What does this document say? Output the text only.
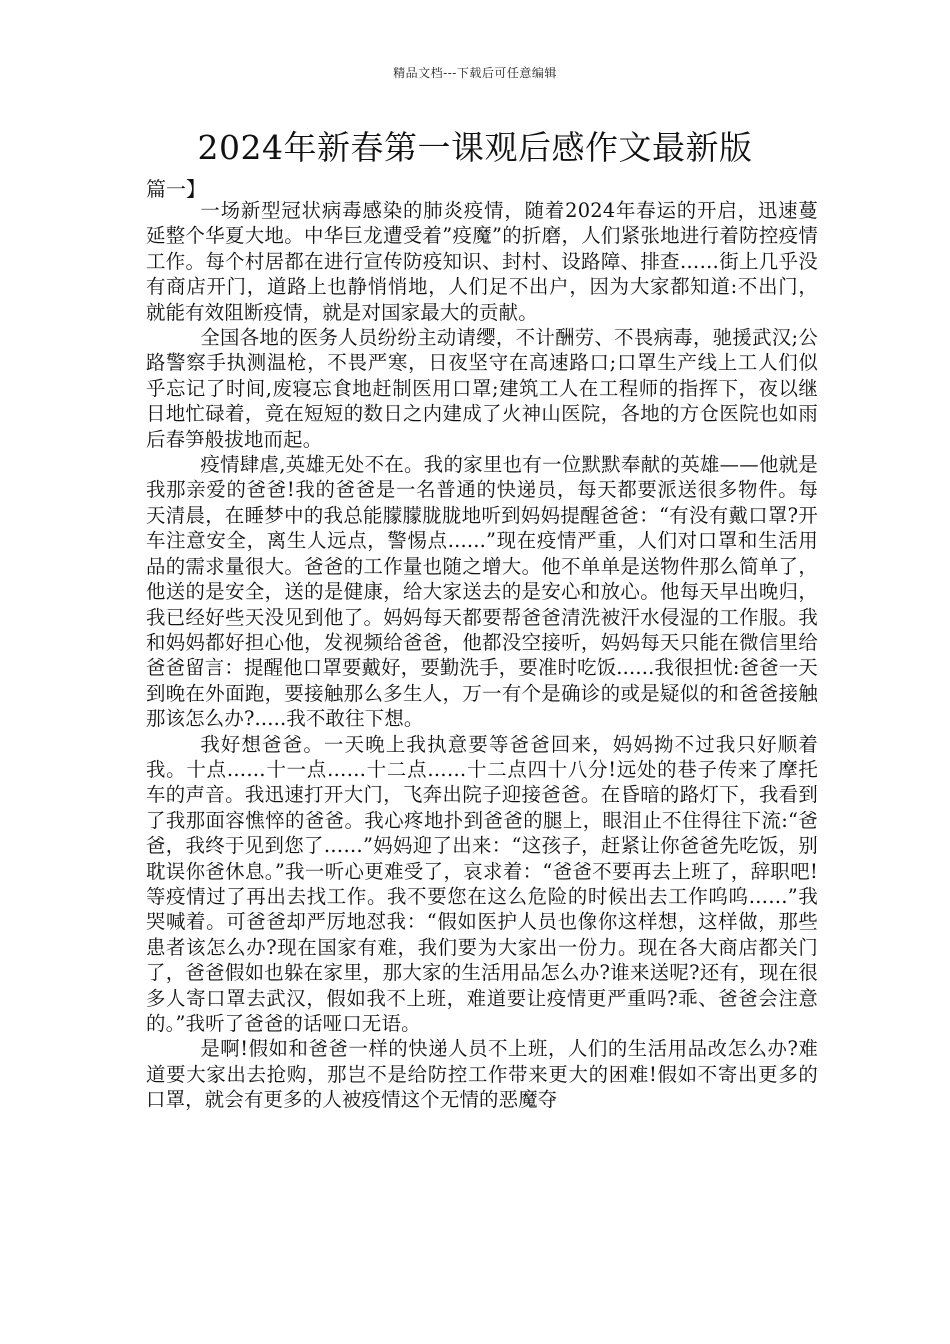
精品文档---下载后可任意编辑
2024年新春第一课观后感作文最新版
篇一】

一场新型冠状病毒感染的肺炎疫情，随着2024年春运的开启，迅速蔓延整个华夏大地。中华巨龙遭受着”疫魔”的折磨，人们紧张地进行着防控疫情工作。每个村居都在进行宣传防疫知识、封村、设路障、排查……街上几乎没有商店开门，道路上也静悄悄地，人们足不出户，因为大家都知道:不出门，就能有效阻断疫情，就是对国家最大的贡献。

全国各地的医务人员纷纷主动请缨，不计酬劳、不畏病毒，驰援武汉;公路警察手执测温枪，不畏严寒，日夜坚守在高速路口;口罩生产线上工人们似乎忘记了时间,废寝忘食地赶制医用口罩;建筑工人在工程师的指挥下，夜以继日地忙碌着，竟在短短的数日之内建成了火神山医院，各地的方仓医院也如雨后春笋般拔地而起。

疫情肆虐,英雄无处不在。我的家里也有一位默默奉献的英雄——他就是我那亲爱的爸爸!我的爸爸是一名普通的快递员，每天都要派送很多物件。每天清晨，在睡梦中的我总能朦朦胧胧地听到妈妈提醒爸爸：“有没有戴口罩?开车注意安全，离生人远点，警惕点......”现在疫情严重，人们对口罩和生活用品的需求量很大。爸爸的工作量也随之增大。他不单单是送物件那么简单了，他送的是安全，送的是健康，给大家送去的是安心和放心。他每天早出晚归，我已经好些天没见到他了。妈妈每天都要帮爸爸清洗被汗水侵湿的工作服。我和妈妈都好担心他，发视频给爸爸，他都没空接听，妈妈每天只能在微信里给爸爸留言：提醒他口罩要戴好，要勤洗手，要准时吃饭......我很担忧:爸爸一天到晚在外面跑，要接触那么多生人，万一有个是确诊的或是疑似的和爸爸接触那该怎么办?.....我不敢往下想。

我好想爸爸。一天晚上我执意要等爸爸回来，妈妈拗不过我只好顺着我。十点……十一点……十二点……十二点四十八分!远处的巷子传来了摩托车的声音。我迅速打开大门，飞奔出院子迎接爸爸。在昏暗的路灯下，我看到了我那面容憔悴的爸爸。我心疼地扑到爸爸的腿上，眼泪止不住得往下流:“爸爸，我终于见到您了……”妈妈迎了出来：“这孩子，赶紧让你爸爸先吃饭，别耽误你爸休息。”我一听心更难受了，哀求着：“爸爸不要再去上班了，辞职吧!等疫情过了再出去找工作。我不要您在这么危险的时候出去工作呜呜……”我哭喊着。可爸爸却严厉地怼我：“假如医护人员也像你这样想，这样做，那些患者该怎么办?现在国家有难，我们要为大家出一份力。现在各大商店都关门了，爸爸假如也躲在家里，那大家的生活用品怎么办?谁来送呢?还有，现在很多人寄口罩去武汉，假如我不上班，难道要让疫情更严重吗?乖、爸爸会注意的。”我听了爸爸的话哑口无语。

是啊!假如和爸爸一样的快递人员不上班，人们的生活用品改怎么办?难道要大家出去抢购，那岂不是给防控工作带来更大的困难!假如不寄出更多的口罩，就会有更多的人被疫情这个无情的恶魔夺
